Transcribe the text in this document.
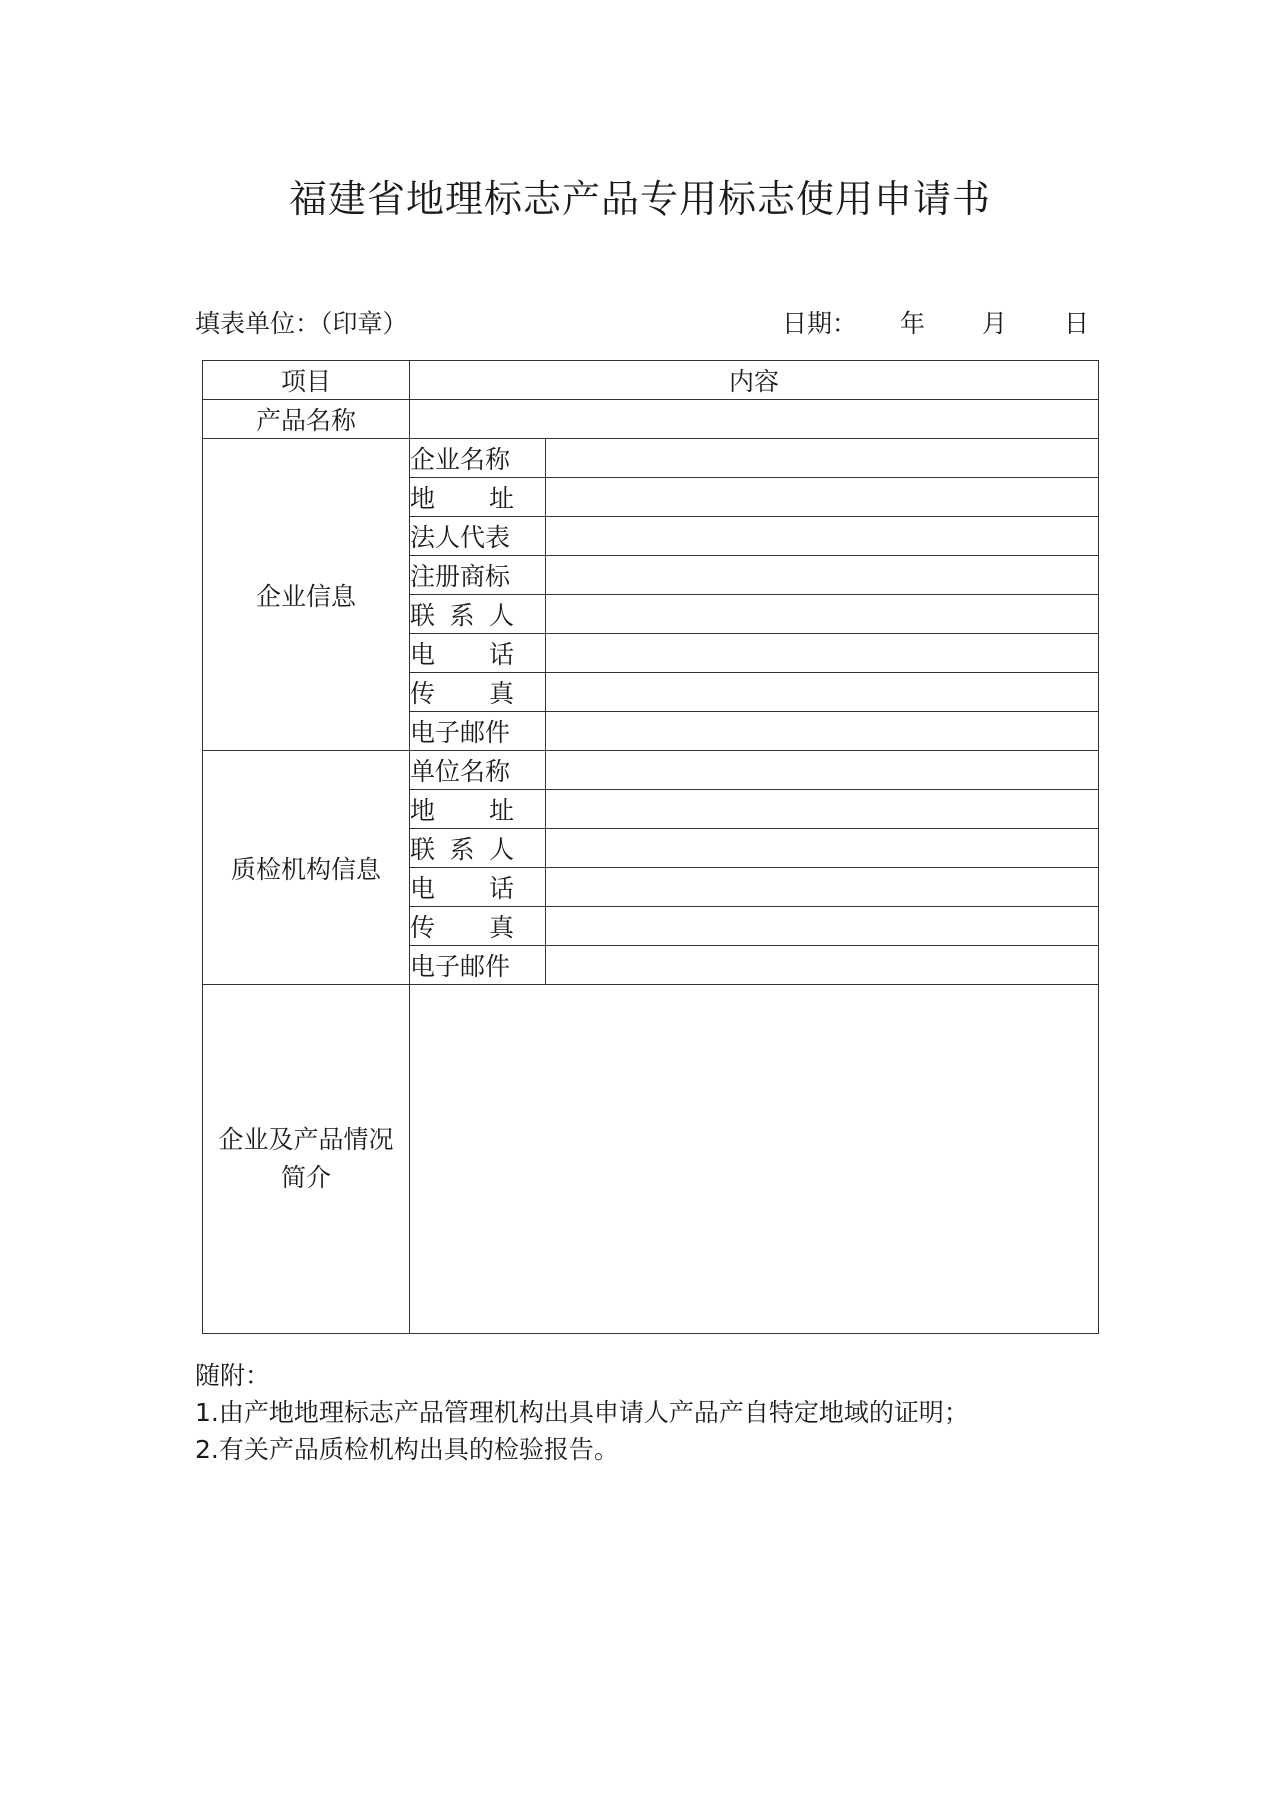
福建省地理标志产品专用标志使用申请书
填表单位：（印章）	日期：	年	月	日
项目	内容	
产品名称		
企业信息	企业名称	

	地 址	

	法人代表	
	注册商标	

	联 系 人	

	电 话	

	传 真	

	电子邮件	
质检机构信息	单位名称	

	地 址	

	联 系 人	

	电 话	

	传 真	

	电子邮件	

企业及产品情况
简介		

随附：
1.由产地地理标志产品管理机构出具申请人产品产自特定地域的证明；
2.有关产品质检机构出具的检验报告。
